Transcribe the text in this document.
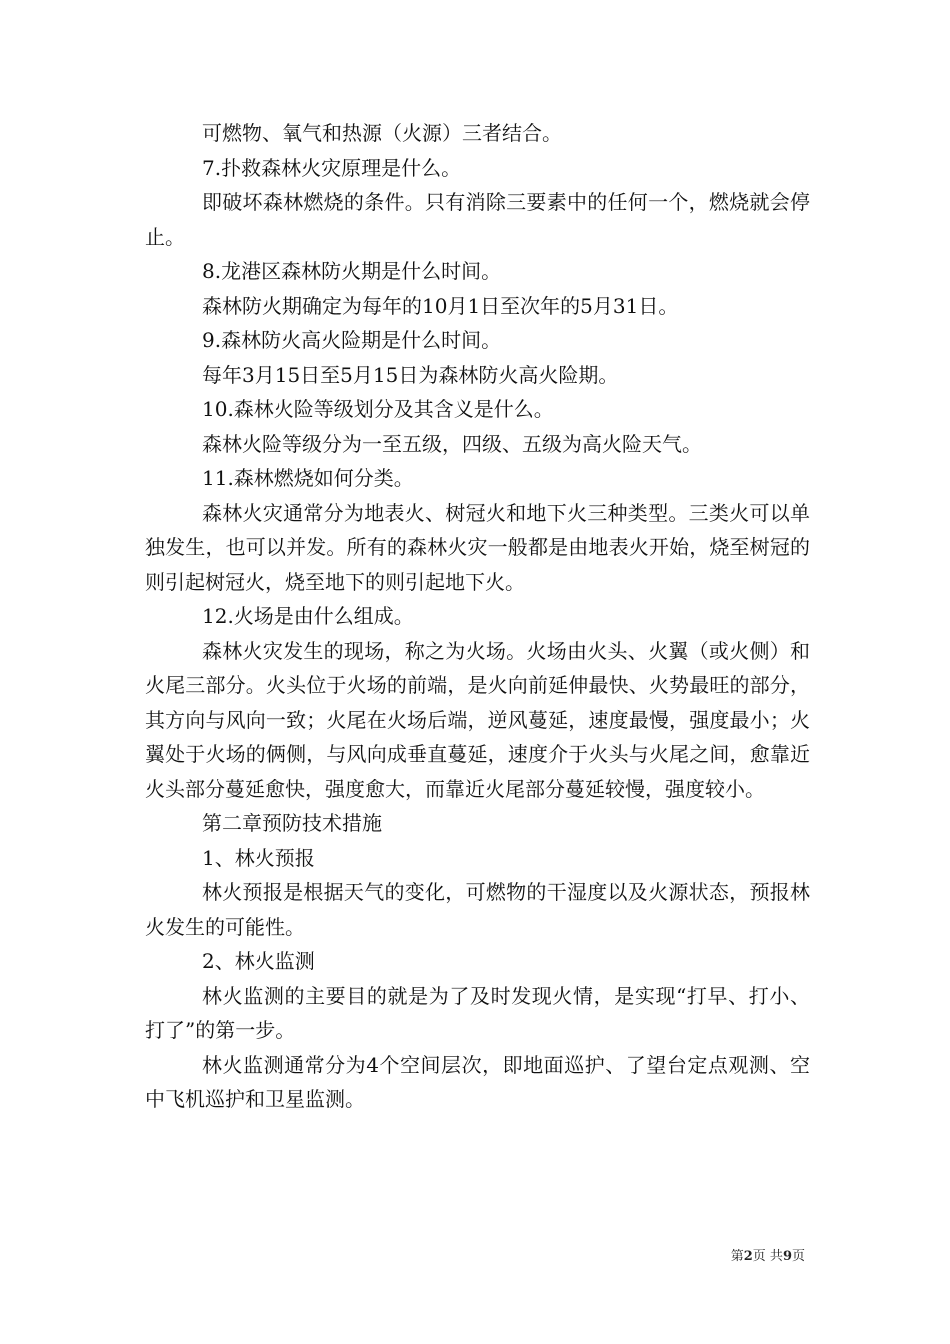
可燃物、氧气和热源（火源）三者结合。

7.扑救森林火灾原理是什么。

即破坏森林燃烧的条件。只有消除三要素中的任何一个，燃烧就会停止。

8.龙港区森林防火期是什么时间。

森林防火期确定为每年的10月1日至次年的5月31日。

9.森林防火高火险期是什么时间。

每年3月15日至5月15日为森林防火高火险期。

10.森林火险等级划分及其含义是什么。

森林火险等级分为一至五级，四级、五级为高火险天气。

11.森林燃烧如何分类。

森林火灾通常分为地表火、树冠火和地下火三种类型。三类火可以单独发生，也可以并发。所有的森林火灾一般都是由地表火开始，烧至树冠的则引起树冠火，烧至地下的则引起地下火。

12.火场是由什么组成。

森林火灾发生的现场，称之为火场。火场由火头、火翼（或火侧）和火尾三部分。火头位于火场的前端，是火向前延伸最快、火势最旺的部分，其方向与风向一致；火尾在火场后端，逆风蔓延，速度最慢，强度最小；火翼处于火场的俩侧，与风向成垂直蔓延，速度介于火头与火尾之间，愈靠近火头部分蔓延愈快，强度愈大，而靠近火尾部分蔓延较慢，强度较小。

第二章预防技术措施

1、林火预报

林火预报是根据天气的变化，可燃物的干湿度以及火源状态，预报林火发生的可能性。

2、林火监测

林火监测的主要目的就是为了及时发现火情，是实现“打早、打小、打了”的第一步。

林火监测通常分为4个空间层次，即地面巡护、了望台定点观测、空中飞机巡护和卫星监测。

第2页 共9页
